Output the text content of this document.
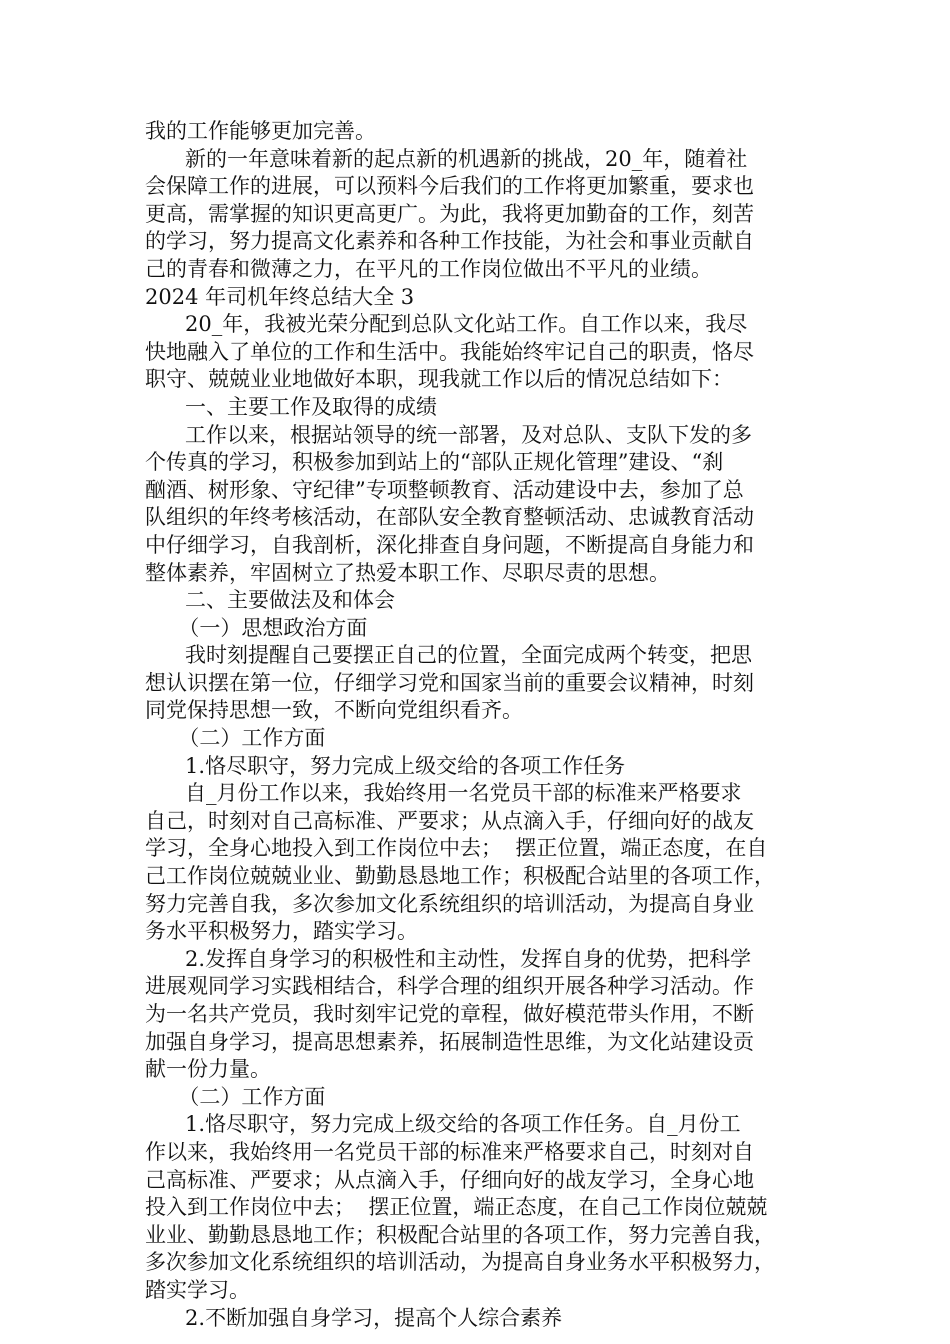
我的工作能够更加完善。
新的一年意味着新的起点新的机遇新的挑战，20_年，随着社
会保障工作的进展，可以预料今后我们的工作将更加繁重，要求也
更高，需掌握的知识更高更广。为此，我将更加勤奋的工作，刻苦
的学习，努力提高文化素养和各种工作技能，为社会和事业贡献自
己的青春和微薄之力，在平凡的工作岗位做出不平凡的业绩。
2024 年司机年终总结大全 3
20_年，我被光荣分配到总队文化站工作。自工作以来，我尽
快地融入了单位的工作和生活中。我能始终牢记自己的职责，恪尽
职守、兢兢业业地做好本职，现我就工作以后的情况总结如下：
一、主要工作及取得的成绩
工作以来，根据站领导的统一部署，及对总队、支队下发的多
个传真的学习，积极参加到站上的“部队正规化管理”建设、“刹
酗酒、树形象、守纪律”专项整顿教育、活动建设中去，参加了总
队组织的年终考核活动，在部队安全教育整顿活动、忠诚教育活动
中仔细学习，自我剖析，深化排查自身问题，不断提高自身能力和
整体素养，牢固树立了热爱本职工作、尽职尽责的思想。
二、主要做法及和体会
（一）思想政治方面
我时刻提醒自己要摆正自己的位置，全面完成两个转变，把思
想认识摆在第一位，仔细学习党和国家当前的重要会议精神，时刻
同党保持思想一致，不断向党组织看齐。
（二）工作方面
1.恪尽职守，努力完成上级交给的各项工作任务
自_月份工作以来，我始终用一名党员干部的标准来严格要求
自己，时刻对自己高标准、严要求；从点滴入手，仔细向好的战友
学习，全身心地投入到工作岗位中去；  摆正位置，端正态度，在自
己工作岗位兢兢业业、勤勤恳恳地工作；积极配合站里的各项工作，
努力完善自我，多次参加文化系统组织的培训活动，为提高自身业
务水平积极努力，踏实学习。
2.发挥自身学习的积极性和主动性，发挥自身的优势，把科学
进展观同学习实践相结合，科学合理的组织开展各种学习活动。作
为一名共产党员，我时刻牢记党的章程，做好模范带头作用，不断
加强自身学习，提高思想素养，拓展制造性思维，为文化站建设贡
献一份力量。
（二）工作方面
1.恪尽职守，努力完成上级交给的各项工作任务。自_月份工
作以来，我始终用一名党员干部的标准来严格要求自己，时刻对自
己高标准、严要求；从点滴入手，仔细向好的战友学习，全身心地
投入到工作岗位中去；  摆正位置，端正态度，在自己工作岗位兢兢
业业、勤勤恳恳地工作；积极配合站里的各项工作，努力完善自我，
多次参加文化系统组织的培训活动，为提高自身业务水平积极努力，
踏实学习。
2.不断加强自身学习，提高个人综合素养
